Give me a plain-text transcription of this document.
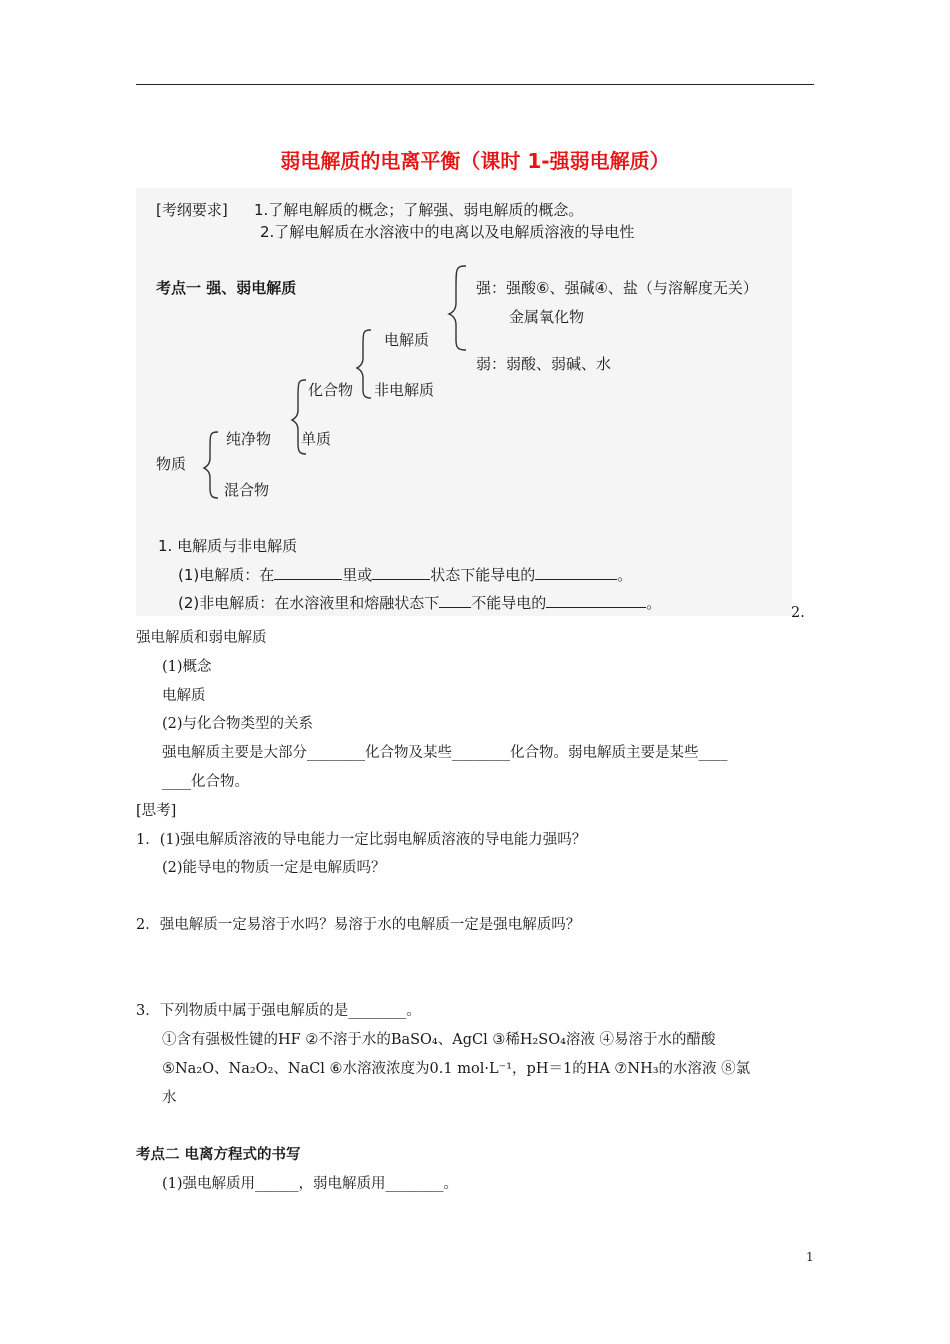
弱电解质的电离平衡（课时 1-强弱电解质）
[考纲要求] 1.了解电解质的概念；了解强、弱电解质的概念。
2.了解电解质在水溶液中的电离以及电解质溶液的导电性
考点一 强、弱电解质	强：强酸⑥、强碱④、盐（与溶解度无关）
金属氧化物
电解质
弱：弱酸、弱碱、水
化合物 非电解质
纯净物 单质
物质
混合物
1. 电解质与非电解质
(1)电解质：在	里或	状态下能导电的	。
(2)非电解质：在水溶液里和熔融状态下 不能导电的	。
2.
强电解质和弱电解质
(1)概念
电解质
(2)与化合物类型的关系
强电解质主要是大部分________化合物及某些________化合物。弱电解质主要是某些____
____化合物。
[思考]
1．(1)强电解质溶液的导电能力一定比弱电解质溶液的导电能力强吗？
(2)能导电的物质一定是电解质吗？
2．强电解质一定易溶于水吗？易溶于水的电解质一定是强电解质吗？
3．下列物质中属于强电解质的是________。
①含有强极性键的HF ②不溶于水的BaSO₄、AgCl ③稀H₂SO₄溶液 ④易溶于水的醋酸
⑤Na₂O、Na₂O₂、NaCl ⑥水溶液浓度为0.1 mol·L⁻¹，pH＝1的HA ⑦NH₃的水溶液 ⑧氯
水
考点二 电离方程式的书写
(1)强电解质用______，弱电解质用________。
1
